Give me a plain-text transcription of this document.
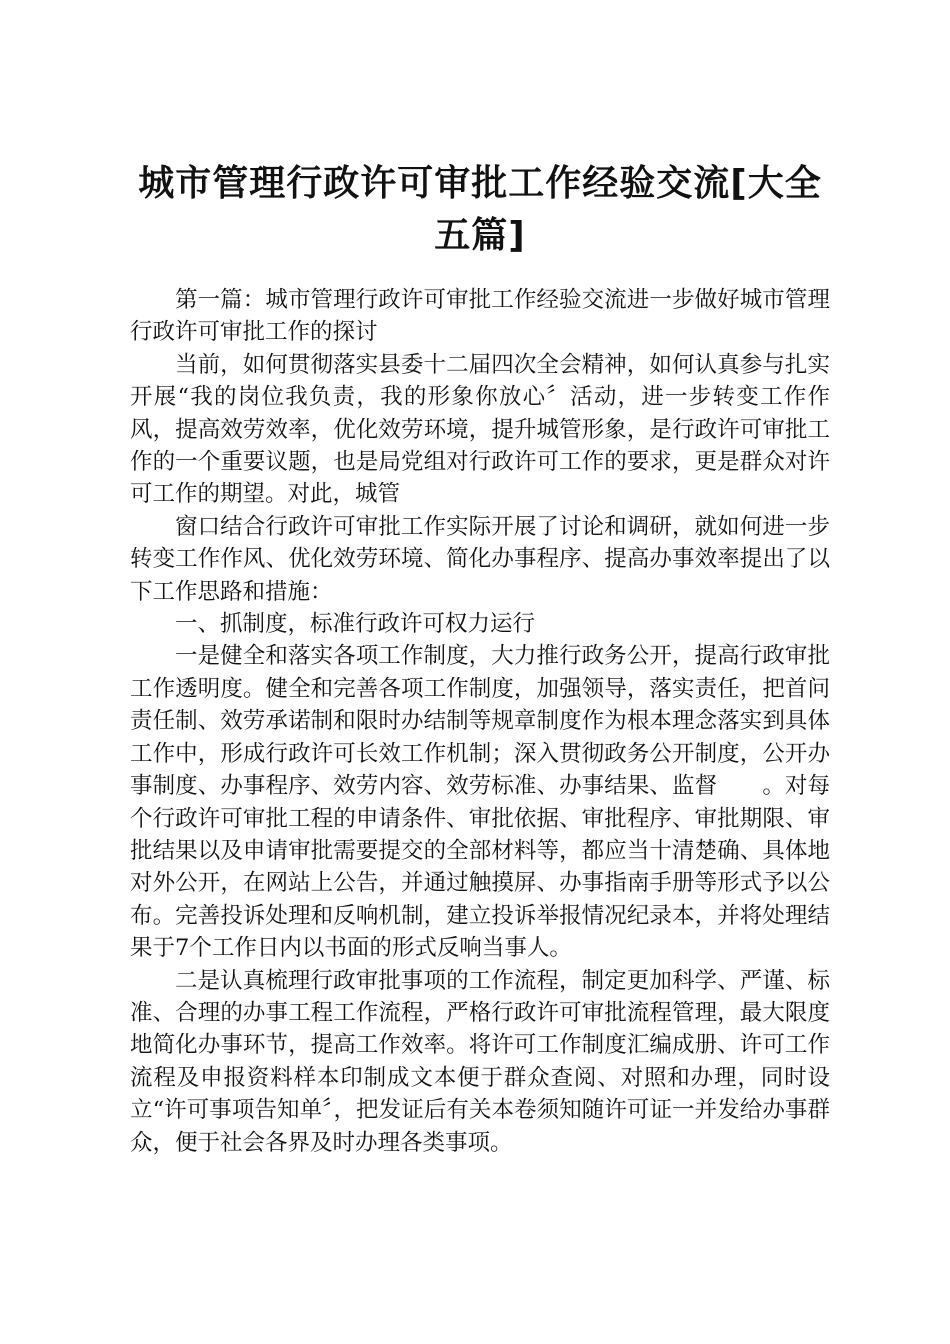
城市管理行政许可审批工作经验交流[大全五篇]

第一篇：城市管理行政许可审批工作经验交流进一步做好城市管理行政许可审批工作的探讨

当前，如何贯彻落实县委十二届四次全会精神，如何认真参与扎实开展“我的岗位我负责，我的形象你放心〞活动，进一步转变工作作风，提高效劳效率，优化效劳环境，提升城管形象，是行政许可审批工作的一个重要议题，也是局党组对行政许可工作的要求，更是群众对许可工作的期望。对此，城管

窗口结合行政许可审批工作实际开展了讨论和调研，就如何进一步转变工作作风、优化效劳环境、简化办事程序、提高办事效率提出了以下工作思路和措施：

一、抓制度，标准行政许可权力运行

一是健全和落实各项工作制度，大力推行政务公开，提高行政审批工作透明度。健全和完善各项工作制度，加强领导，落实责任，把首问责任制、效劳承诺制和限时办结制等规章制度作为根本理念落实到具体工作中，形成行政许可长效工作机制；深入贯彻政务公开制度，公开办事制度、办事程序、效劳内容、效劳标准、办事结果、监督　　。对每个行政许可审批工程的申请条件、审批依据、审批程序、审批期限、审批结果以及申请审批需要提交的全部材料等，都应当十清楚确、具体地对外公开，在网站上公告，并通过触摸屏、办事指南手册等形式予以公布。完善投诉处理和反响机制，建立投诉举报情况纪录本，并将处理结果于7个工作日内以书面的形式反响当事人。

二是认真梳理行政审批事项的工作流程，制定更加科学、严谨、标准、合理的办事工程工作流程，严格行政许可审批流程管理，最大限度地简化办事环节，提高工作效率。将许可工作制度汇编成册、许可工作流程及申报资料样本印制成文本便于群众查阅、对照和办理，同时设立“许可事项告知单〞，把发证后有关本卷须知随许可证一并发给办事群众，便于社会各界及时办理各类事项。
